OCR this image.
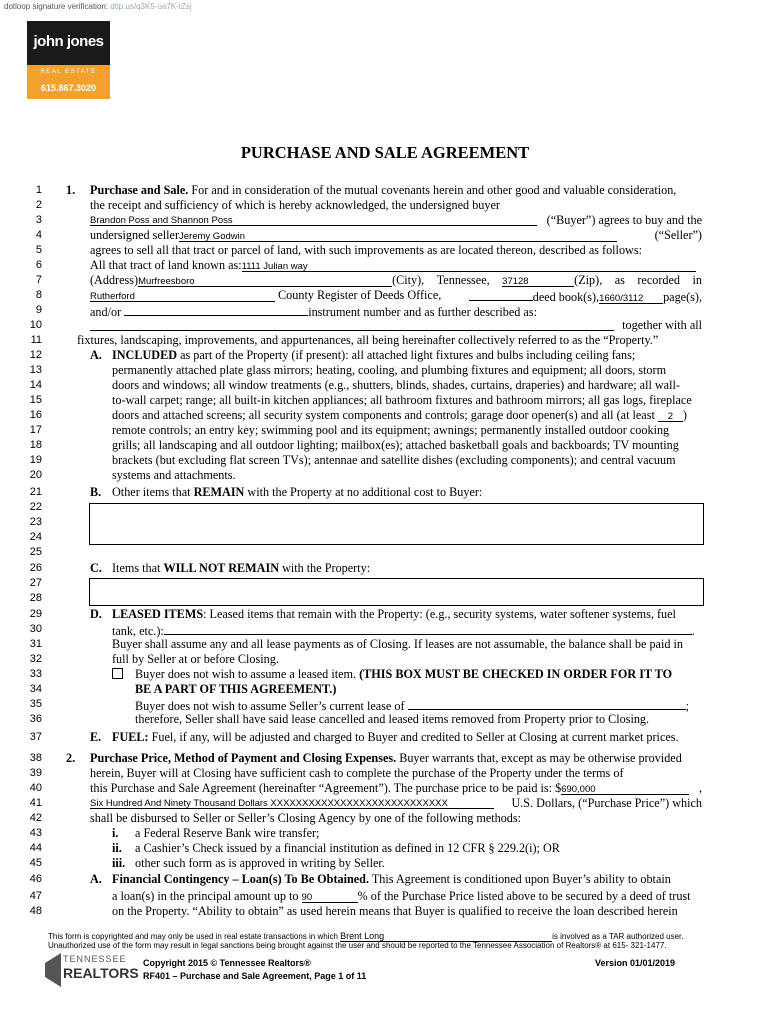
dotloop signature verification: dtlp.us/q3K5-oa7K-tZsj
john jones
REAL ESTATE
615.867.3020
PURCHASE AND SALE AGREEMENT
1
2
3
4
5
6
7
8
9
10
11
12
13
14
15
16
17
18
19
20
21
22
23
24
25
26
27
28
29
30
31
32
33
34
35
36
37
38
39
40
41
42
43
44
45
46
47
48
1. Purchase and Sale. For and in consideration of the mutual covenants herein and other good and valuable consideration,
the receipt and sufficiency of which is hereby acknowledged, the undersigned buyer
Brandon Poss and Shannon Poss	(“Buyer”) agrees to buy and the
undersigned sellerJeremy Godwin	(“Seller”)
agrees to sell all that tract or parcel of land, with such improvements as are located thereon, described as follows:
All that tract of land known as:1111 Julian way
(Address)Murfreesboro	(City), Tennessee, 37128	(Zip), as recorded in
Rutherford	County Register of Deeds Office,	deed book(s),1660/3112 page(s),
and/or	instrument number and as further described as:
together with all
fixtures, landscaping, improvements, and appurtenances, all being hereinafter collectively referred to as the “Property.”
A. INCLUDED as part of the Property (if present): all attached light fixtures and bulbs including ceiling fans;
permanently attached plate glass mirrors; heating, cooling, and plumbing fixtures and equipment; all doors, storm
doors and windows; all window treatments (e.g., shutters, blinds, shades, curtains, draperies) and hardware; all wall-
to-wall carpet; range; all built-in kitchen appliances; all bathroom fixtures and bathroom mirrors; all gas logs, fireplace
doors and attached screens; all security system components and controls; garage door opener(s) and all (at least 2 )
remote controls; an entry key; swimming pool and its equipment; awnings; permanently installed outdoor cooking
grills; all landscaping and all outdoor lighting; mailbox(es); attached basketball goals and backboards; TV mounting
brackets (but excluding flat screen TVs); antennae and satellite dishes (excluding components); and central vacuum
systems and attachments.
B. Other items that REMAIN with the Property at no additional cost to Buyer:
C. Items that WILL NOT REMAIN with the Property:
D. LEASED ITEMS: Leased items that remain with the Property: (e.g., security systems, water softener systems, fuel
tank, etc.):	.
Buyer shall assume any and all lease payments as of Closing. If leases are not assumable, the balance shall be paid in
full by Seller at or before Closing.
Buyer does not wish to assume a leased item. (THIS BOX MUST BE CHECKED IN ORDER FOR IT TO
BE A PART OF THIS AGREEMENT.)
Buyer does not wish to assume Seller’s current lease of	;
therefore, Seller shall have said lease cancelled and leased items removed from Property prior to Closing.
E. FUEL: Fuel, if any, will be adjusted and charged to Buyer and credited to Seller at Closing at current market prices.
2. Purchase Price, Method of Payment and Closing Expenses. Buyer warrants that, except as may be otherwise provided
herein, Buyer will at Closing have sufficient cash to complete the purchase of the Property under the terms of
this Purchase and Sale Agreement (hereinafter “Agreement”). The purchase price to be paid is: $690,000	,
Six Hundred And Ninety Thousand Dollars XXXXXXXXXXXXXXXXXXXXXXXXXXXX	U.S. Dollars, (“Purchase Price”) which
shall be disbursed to Seller or Seller’s Closing Agency by one of the following methods:
i. a Federal Reserve Bank wire transfer;
ii. a Cashier’s Check issued by a financial institution as defined in 12 CFR § 229.2(i); OR
iii. other such form as is approved in writing by Seller.
A. Financial Contingency – Loan(s) To Be Obtained. This Agreement is conditioned upon Buyer’s ability to obtain
a loan(s) in the principal amount up to 90	% of the Purchase Price listed above to be secured by a deed of trust
on the Property. “Ability to obtain” as used herein means that Buyer is qualified to receive the loan described herein
This form is copyrighted and may only be used in real estate transactions in which Brent Long	is involved as a TAR authorized user.
Unauthorized use of the form may result in legal sanctions being brought against the user and should be reported to the Tennessee Association of Realtors® at 615- 321-1477.
TENNESSEE
REALTORS
Copyright 2015 © Tennessee Realtors®
RF401 – Purchase and Sale Agreement, Page 1 of 11
Version 01/01/2019
